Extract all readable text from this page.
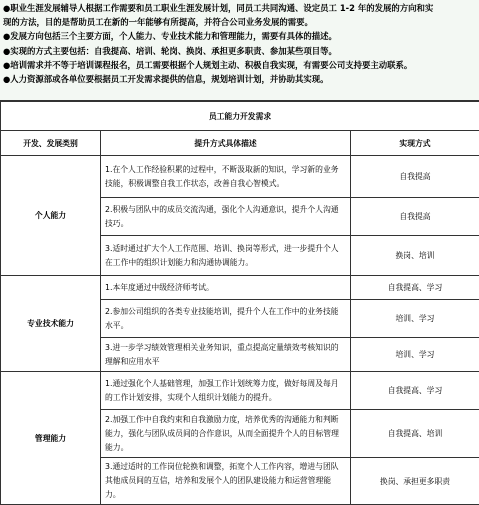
●职业生涯发展辅导人根据工作需要和员工职业生涯发展计划，同员工共同沟通、设定员工 1-2 年的发展的方向和实
现的方法，目的是帮助员工在新的一年能够有所提高，并符合公司业务发展的需要。
●发展方向包括三个主要方面，个人能力、专业技术能力和管理能力，需要有具体的描述。
●实现的方式主要包括：自我提高、培训、轮岗、换岗、承担更多职责、参加某些项目等。
●培训需求并不等于培训课程报名，员工需要根据个人规划主动、积极自我实现，有需要公司支持要主动联系。
●人力资源部或各单位要根据员工开发需求提供的信息，规划培训计划，并协助其实现。
员工能力开发需求		
开发、发展类别	提升方式具体描述	实现方式
个人能力	1.在个人工作经验积累的过程中，不断汲取新的知识，学习新的业务技能，积极调整自我工作状态，改善自我心智模式。	自我提高
	2.积极与团队中的成员交流沟通，强化个人沟通意识，提升个人沟通技巧。	自我提高
	3.适时通过扩大个人工作范围、培训、换岗等形式，进一步提升个人在工作中的组织计划能力和沟通协调能力。	换岗、培训
专业技术能力	1.本年度通过中级经济师考试。	自我提高、学习
	2.参加公司组织的各类专业技能培训，提升个人在工作中的业务技能水平。	培训、学习
	3.进一步学习绩效管理相关业务知识，重点提高定量绩效考核知识的理解和应用水平	培训、学习
管理能力	1.通过强化个人基础管理，加强工作计划统筹力度，做好每周及每月的工作计划安排，实现个人组织计划能力的提升。	自我提高、学习
	2.加强工作中自我约束和自我激励力度，培养优秀的沟通能力和判断能力，强化与团队成员间的合作意识，从而全面提升个人的目标管理能力。	自我提高、培训
	3.通过适时的工作岗位轮换和调整，拓宽个人工作内容，增进与团队其他成员间的互信，培养和发展个人的团队建设能力和运营管理能力。	换岗、承担更多职责
